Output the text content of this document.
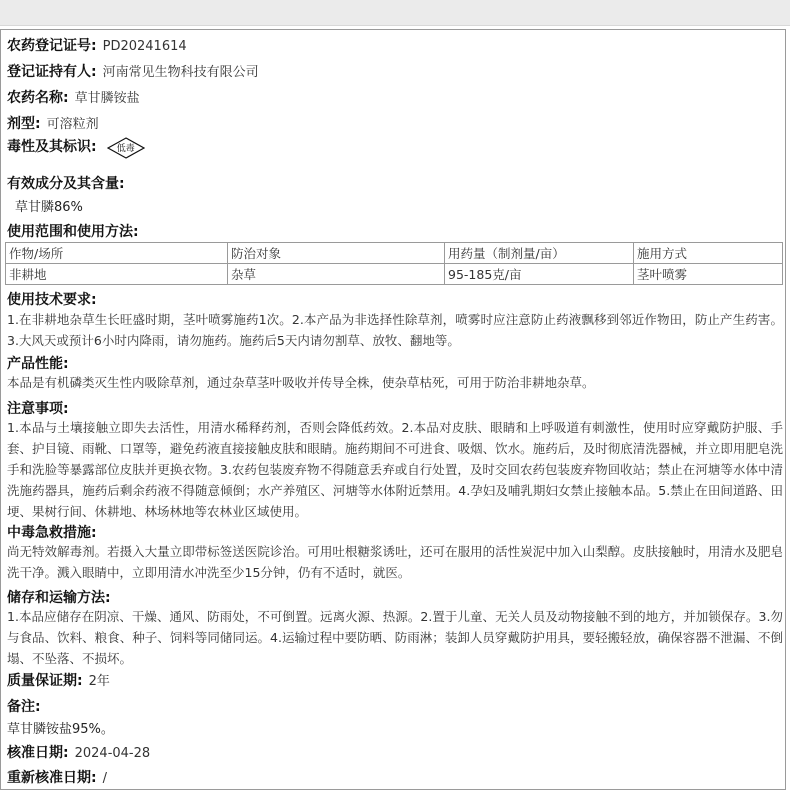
农药登记证号: PD20241614
登记证持有人: 河南常见生物科技有限公司
农药名称: 草甘膦铵盐
剂型: 可溶粒剂
毒性及其标识:	低毒
有效成分及其含量:
草甘膦86%
使用范围和使用方法:
作物/场所	防治对象	用药量（制剂量/亩）	施用方式
非耕地	杂草	95-185克/亩	茎叶喷雾
使用技术要求:
1.在非耕地杂草生长旺盛时期，茎叶喷雾施药1次。2.本产品为非选择性除草剂，喷雾时应注意防止药液飘移到邻近作物田，防止产生药害。3.大风天或预计6小时内降雨，请勿施药。施药后5天内请勿割草、放牧、翻地等。
产品性能:
本品是有机磷类灭生性内吸除草剂，通过杂草茎叶吸收并传导全株，使杂草枯死，可用于防治非耕地杂草。
注意事项:
1.本品与土壤接触立即失去活性，用清水稀释药剂，否则会降低药效。2.本品对皮肤、眼睛和上呼吸道有刺激性，使用时应穿戴防护服、手套、护目镜、雨靴、口罩等，避免药液直接接触皮肤和眼睛。施药期间不可进食、吸烟、饮水。施药后，及时彻底清洗器械，并立即用肥皂洗手和洗脸等暴露部位皮肤并更换衣物。3.农药包装废弃物不得随意丢弃或自行处置，及时交回农药包装废弃物回收站；禁止在河塘等水体中清洗施药器具，施药后剩余药液不得随意倾倒；水产养殖区、河塘等水体附近禁用。4.孕妇及哺乳期妇女禁止接触本品。5.禁止在田间道路、田埂、果树行间、休耕地、林场林地等农林业区域使用。
中毒急救措施:
尚无特效解毒剂。若摄入大量立即带标签送医院诊治。可用吐根糖浆诱吐，还可在服用的活性炭泥中加入山梨醇。皮肤接触时，用清水及肥皂洗干净。溅入眼睛中，立即用清水冲洗至少15分钟，仍有不适时，就医。
储存和运输方法:
1.本品应储存在阴凉、干燥、通风、防雨处，不可倒置。远离火源、热源。2.置于儿童、无关人员及动物接触不到的地方，并加锁保存。3.勿与食品、饮料、粮食、种子、饲料等同储同运。4.运输过程中要防晒、防雨淋；装卸人员穿戴防护用具，要轻搬轻放，确保容器不泄漏、不倒塌、不坠落、不损坏。
质量保证期: 2年
备注:
草甘膦铵盐95%。
核准日期: 2024-04-28
重新核准日期: /
